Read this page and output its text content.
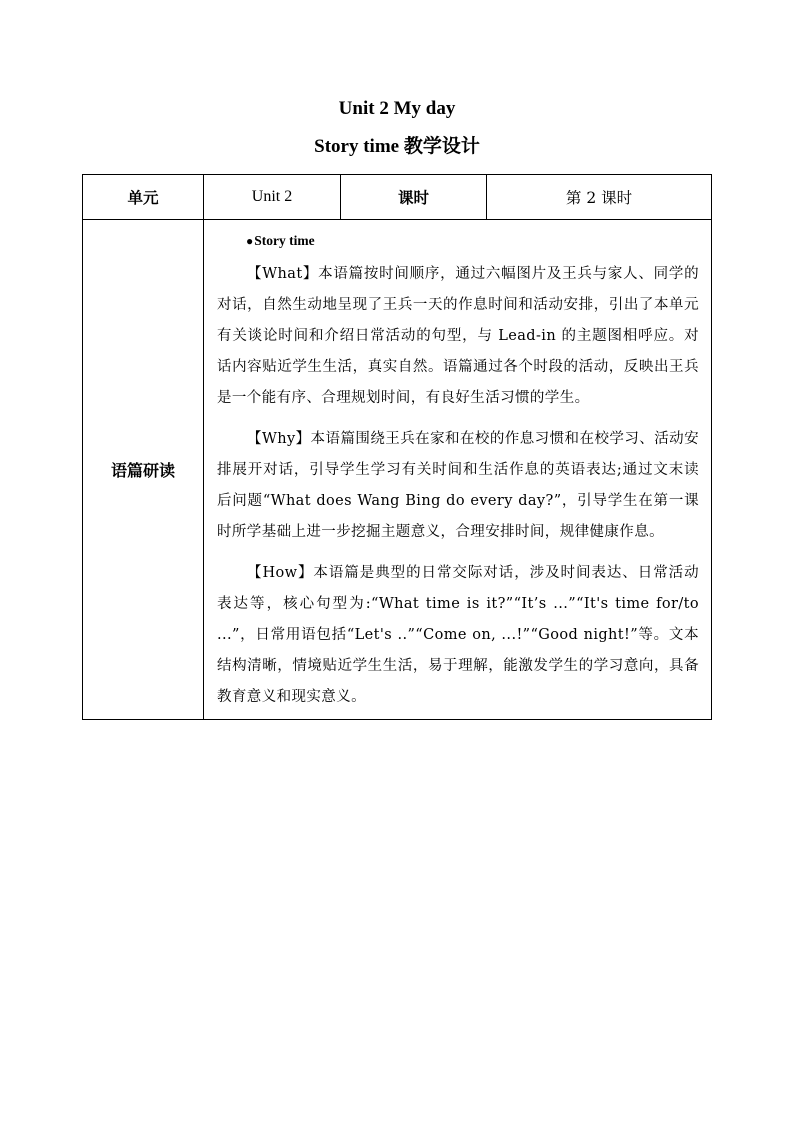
Unit 2 My day
Story time 教学设计
单元	Unit 2	课时	第 2 课时
语篇研读	● Story time

【What】本语篇按时间顺序，通过六幅图片及王兵与家人、同学的对话，自然生动地呈现了王兵一天的作息时间和活动安排，引出了本单元有关谈论时间和介绍日常活动的句型，与 Lead-in 的主题图相呼应。对话内容贴近学生生活，真实自然。语篇通过各个时段的活动，反映出王兵是一个能有序、合理规划时间，有良好生活习惯的学生。

【Why】本语篇围绕王兵在家和在校的作息习惯和在校学习、活动安排展开对话，引导学生学习有关时间和生活作息的英语表达;通过文末读后问题“What does Wang Bing do every day?”，引导学生在第一课时所学基础上进一步挖掘主题意义，合理安排时间，规律健康作息。

【How】本语篇是典型的日常交际对话，涉及时间表达、日常活动表达等，核心句型为:“What time is it?”“It’s ...”“It's time for/to ...”，日常用语包括“Let's ..”“Come on, ...!”“Good night!”等。文本结构清晰，情境贴近学生生活，易于理解，能激发学生的学习意向，具备教育意义和现实意义。		
